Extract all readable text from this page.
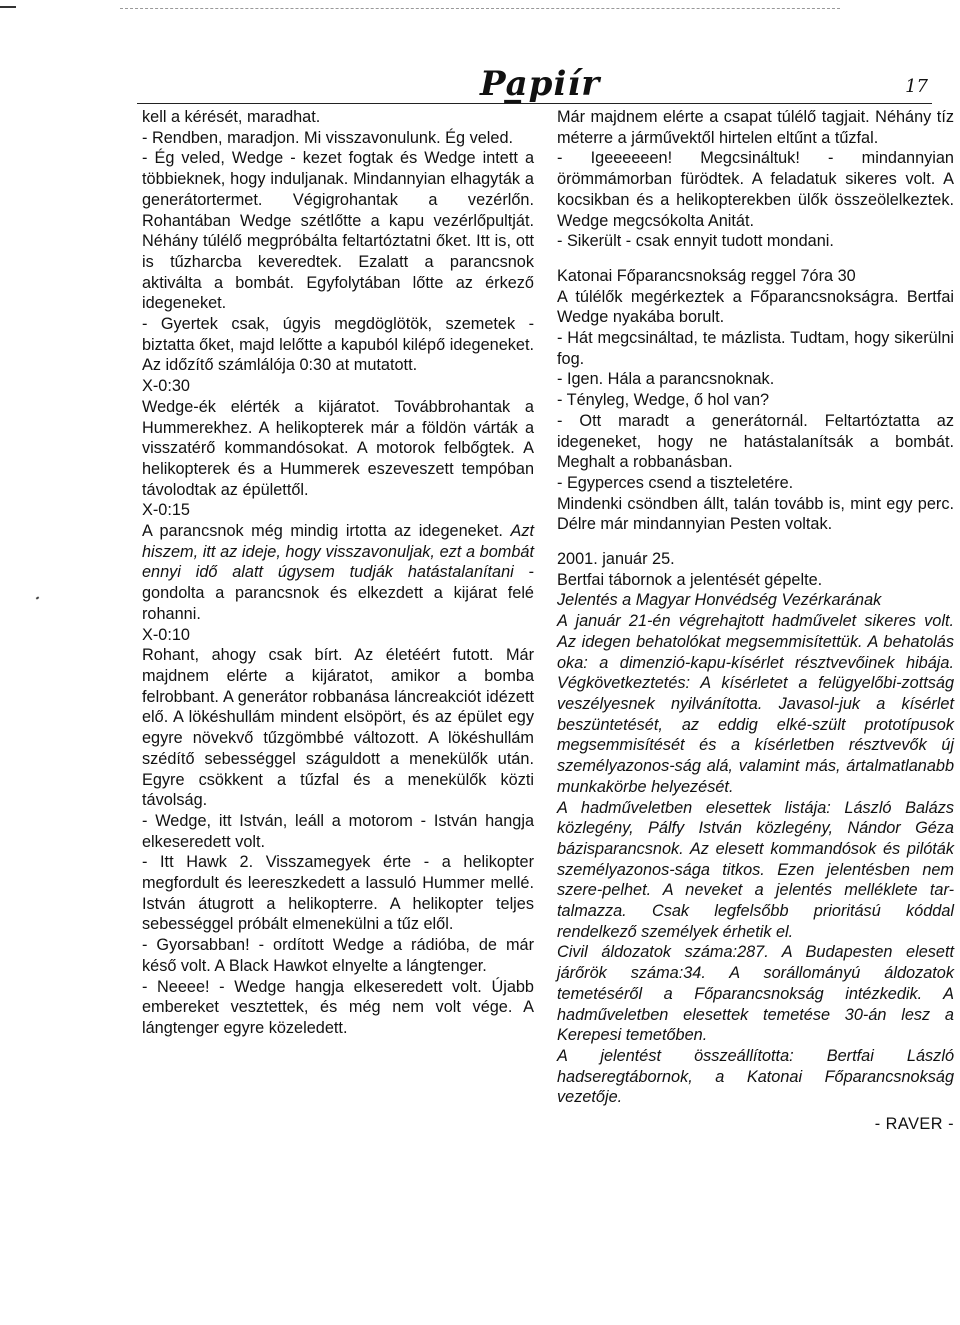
Pa̲piír	17

kell a kérését, maradhat.

- Rendben, maradjon. Mi visszavonulunk. Ég veled.

- Ég veled, Wedge - kezet fogtak és Wedge intett a többieknek, hogy induljanak. Mindannyian elhagyták a generátortermet. Végigrohantak a vezérlőn. Rohantában Wedge szétlőtte a kapu vezérlőpultját. Néhány túlélő megpróbálta feltartóztatni őket. Itt is, ott is tűzharcba keveredtek. Ezalatt a parancsnok aktiválta a bombát. Egyfolytában lőtte az érkező idegeneket.

- Gyertek csak, úgyis megdöglötök, szemetek - biztatta őket, majd lelőtte a kapuból kilépő idegeneket. Az időzítő számlálója 0:30 at mutatott.

X-0:30

Wedge-ék elérték a kijáratot. Továbbrohantak a Hummerekhez. A helikopterek már a földön várták a visszatérő kommandósokat. A motorok felbőgtek. A helikopterek és a Hummerek eszeveszett tempóban távolodtak az épülettől.

X-0:15

A parancsnok még mindig irtotta az idegeneket. Azt hiszem, itt az ideje, hogy visszavonuljak, ezt a bombát ennyi idő alatt úgysem tudják hatástalanítani - gondolta a parancsnok és elkezdett a kijárat felé rohanni.

X-0:10

Rohant, ahogy csak bírt. Az életéért futott. Már majdnem elérte a kijáratot, amikor a bomba felrobbant. A generátor robbanása láncreakciót idézett elő. A lökéshullám mindent elsöpört, és az épület egy egyre növekvő tűzgömbbé változott. A lökéshullám szédítő sebességgel száguldott a menekülők után. Egyre csökkent a tűzfal és a menekülők közti távolság.

- Wedge, itt István, leáll a motorom - István hangja elkeseredett volt.

- Itt Hawk 2. Visszamegyek érte - a helikopter megfordult és leereszkedett a lassuló Hummer mellé. István átugrott a helikopterre. A helikopter teljes sebességgel próbált elmenekülni a tűz elől.

- Gyorsabban! - ordított Wedge a rádióba, de már késő volt. A Black Hawkot elnyelte a lángtenger.

- Neeee! - Wedge hangja elkeseredett volt. Újabb embereket vesztettek, és még nem volt vége. A lángtenger egyre közeledett.

Már majdnem elérte a csapat túlélő tagjait. Néhány tíz méterre a járművektől hirtelen eltűnt a tűzfal.

- Igeeeeeen! Megcsináltuk! - mindannyian örömmámorban fürödtek. A feladatuk sikeres volt. A kocsikban és a helikopterekben ülők összeölelkeztek. Wedge megcsókolta Anitát.

- Sikerült - csak ennyit tudott mondani.

Katonai Főparancsnokság reggel 7óra 30

A túlélők megérkeztek a Főparancsnokságra. Bertfai Wedge nyakába borult.

- Hát megcsináltad, te mázlista. Tudtam, hogy sikerülni fog.

- Igen. Hála a parancsnoknak.

- Tényleg, Wedge, ő hol van?

- Ott maradt a generátornál. Feltartóztatta az idegeneket, hogy ne hatástalanítsák a bombát. Meghalt a robbanásban.

- Egyperces csend a tiszteletére.

Mindenki csöndben állt, talán tovább is, mint egy perc. Délre már mindannyian Pesten voltak.

2001. január 25.

Bertfai tábornok a jelentését gépelte.

Jelentés a Magyar Honvédség Vezérkarának

A január 21-én végrehajtott hadművelet sikeres volt. Az idegen behatolókat megsemmisítettük. A behatolás oka: a dimenzió-kapu-kísérlet résztvevőinek hibája. Végkövetkeztetés: A kísérletet a felügyelőbi-zottság veszélyesnek nyilvánította. Javasol-juk a kísérlet beszüntetését, az eddig elké-szült prototípusok megsemmisítését és a kísérletben résztvevők új személyazonos-ság alá, valamint más, ártalmatlanabb munkakörbe helyezését.

A hadműveletben elesettek listája: László Balázs közlegény, Pálfy István közlegény, Nándor Géza bázisparancsnok. Az elesett kommandósok és pilóták személyazonos-sága titkos. Ezen jelentésben nem szere-pelhet. A neveket a jelentés melléklete tar-talmazza. Csak legfelsőbb prioritású kóddal rendelkező személyek érhetik el.

Civil áldozatok száma:287. A Budapesten elesett járőrök száma:34. A sorállományú áldozatok temetéséről a Főparancsnokság intézkedik. A hadműveletben elesettek temetése 30-án lesz a Kerepesi temetőben.

A jelentést összeállította: Bertfai László hadseregtábornok, a Katonai Főparancsnokság vezetője.

- RAVER -
